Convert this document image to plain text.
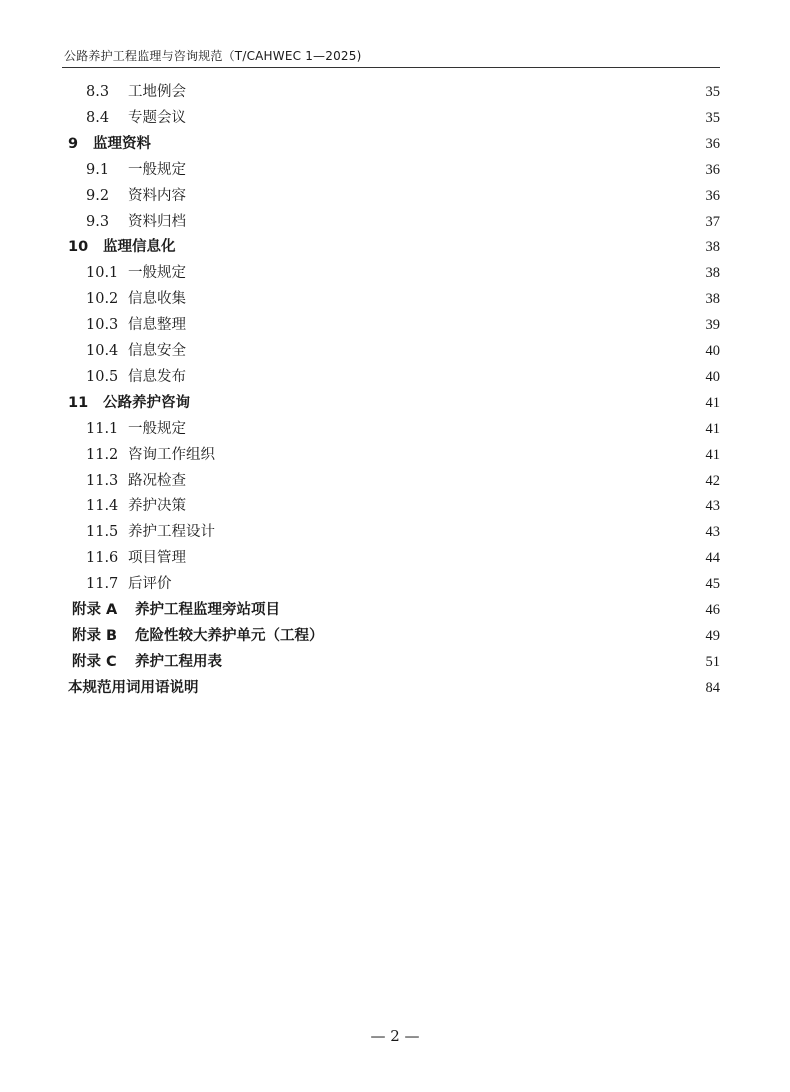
公路养护工程监理与咨询规范（T/CAHWEC 1—2025)
8.3 工地例会	35
8.4 专题会议	35
9 监理资料	36
9.1 一般规定	36
9.2 资料内容	36
9.3 资料归档	37
10 监理信息化	38
10.1 一般规定	38
10.2 信息收集	38
10.3 信息整理	39
10.4 信息安全	40
10.5 信息发布	40
11 公路养护咨询	41
11.1 一般规定	41
11.2 咨询工作组织	41
11.3 路况检查	42
11.4 养护决策	43
11.5 养护工程设计	43
11.6 项目管理	44
11.7 后评价	45
附录 A 养护工程监理旁站项目	46
附录 B 危险性较大养护单元（工程）	49
附录 C 养护工程用表	51
本规范用词用语说明	84
— 2 —
